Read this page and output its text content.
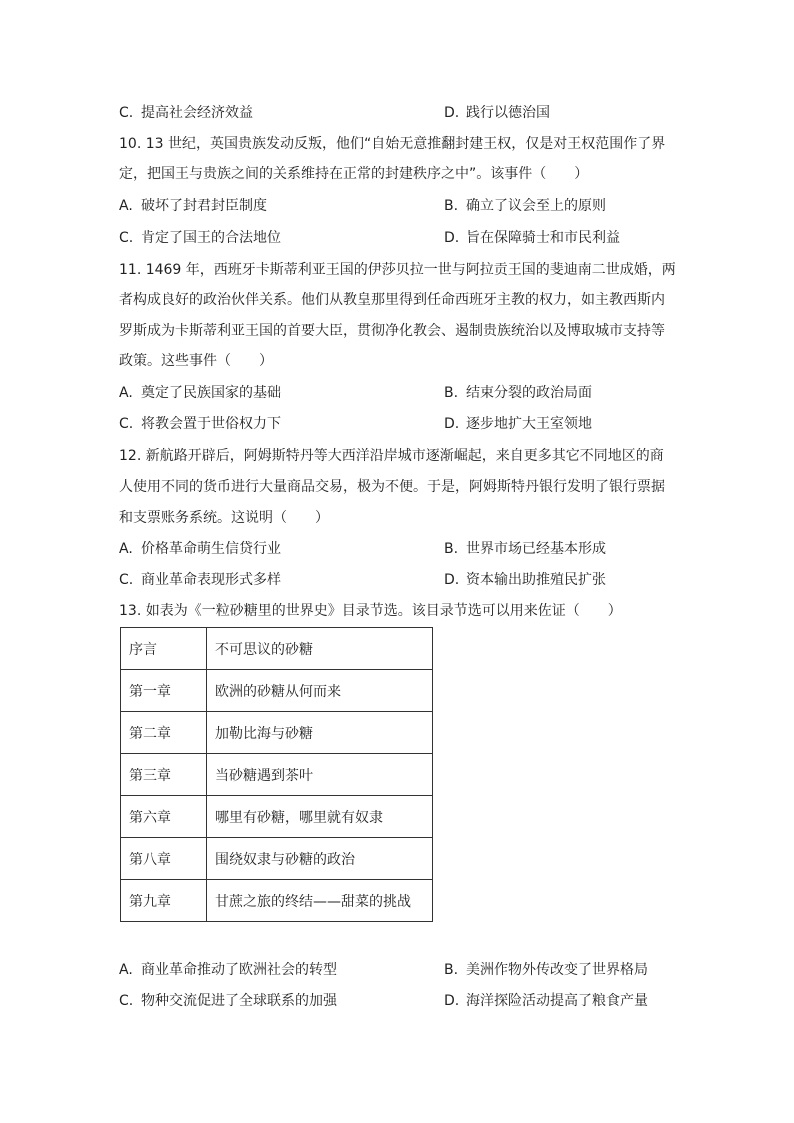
C. 提高社会经济效益	D. 践行以德治国
10. 13 世纪，英国贵族发动反叛，他们“自始无意推翻封建王权，仅是对王权范围作了界
定，把国王与贵族之间的关系维持在正常的封建秩序之中”。该事件（　　）
A. 破坏了封君封臣制度	B. 确立了议会至上的原则
C. 肯定了国王的合法地位	D. 旨在保障骑士和市民利益
11. 1469 年，西班牙卡斯蒂利亚王国的伊莎贝拉一世与阿拉贡王国的斐迪南二世成婚，两
者构成良好的政治伙伴关系。他们从教皇那里得到任命西班牙主教的权力，如主教西斯内
罗斯成为卡斯蒂利亚王国的首要大臣，贯彻净化教会、遏制贵族统治以及博取城市支持等
政策。这些事件（　　）
A. 奠定了民族国家的基础	B. 结束分裂的政治局面
C. 将教会置于世俗权力下	D. 逐步地扩大王室领地
12. 新航路开辟后，阿姆斯特丹等大西洋沿岸城市逐渐崛起，来自更多其它不同地区的商
人使用不同的货币进行大量商品交易，极为不便。于是，阿姆斯特丹银行发明了银行票据
和支票账务系统。这说明（　　）
A. 价格革命萌生信贷行业	B. 世界市场已经基本形成
C. 商业革命表现形式多样	D. 资本输出助推殖民扩张
13. 如表为《一粒砂糖里的世界史》目录节选。该目录节选可以用来佐证（　　）
序言	不可思议的砂糖
第一章	欧洲的砂糖从何而来
第二章	加勒比海与砂糖
第三章	当砂糖遇到茶叶
第六章	哪里有砂糖，哪里就有奴隶
第八章	围绕奴隶与砂糖的政治
第九章	甘蔗之旅的终结——甜菜的挑战
A. 商业革命推动了欧洲社会的转型	B. 美洲作物外传改变了世界格局
C. 物种交流促进了全球联系的加强	D. 海洋探险活动提高了粮食产量
